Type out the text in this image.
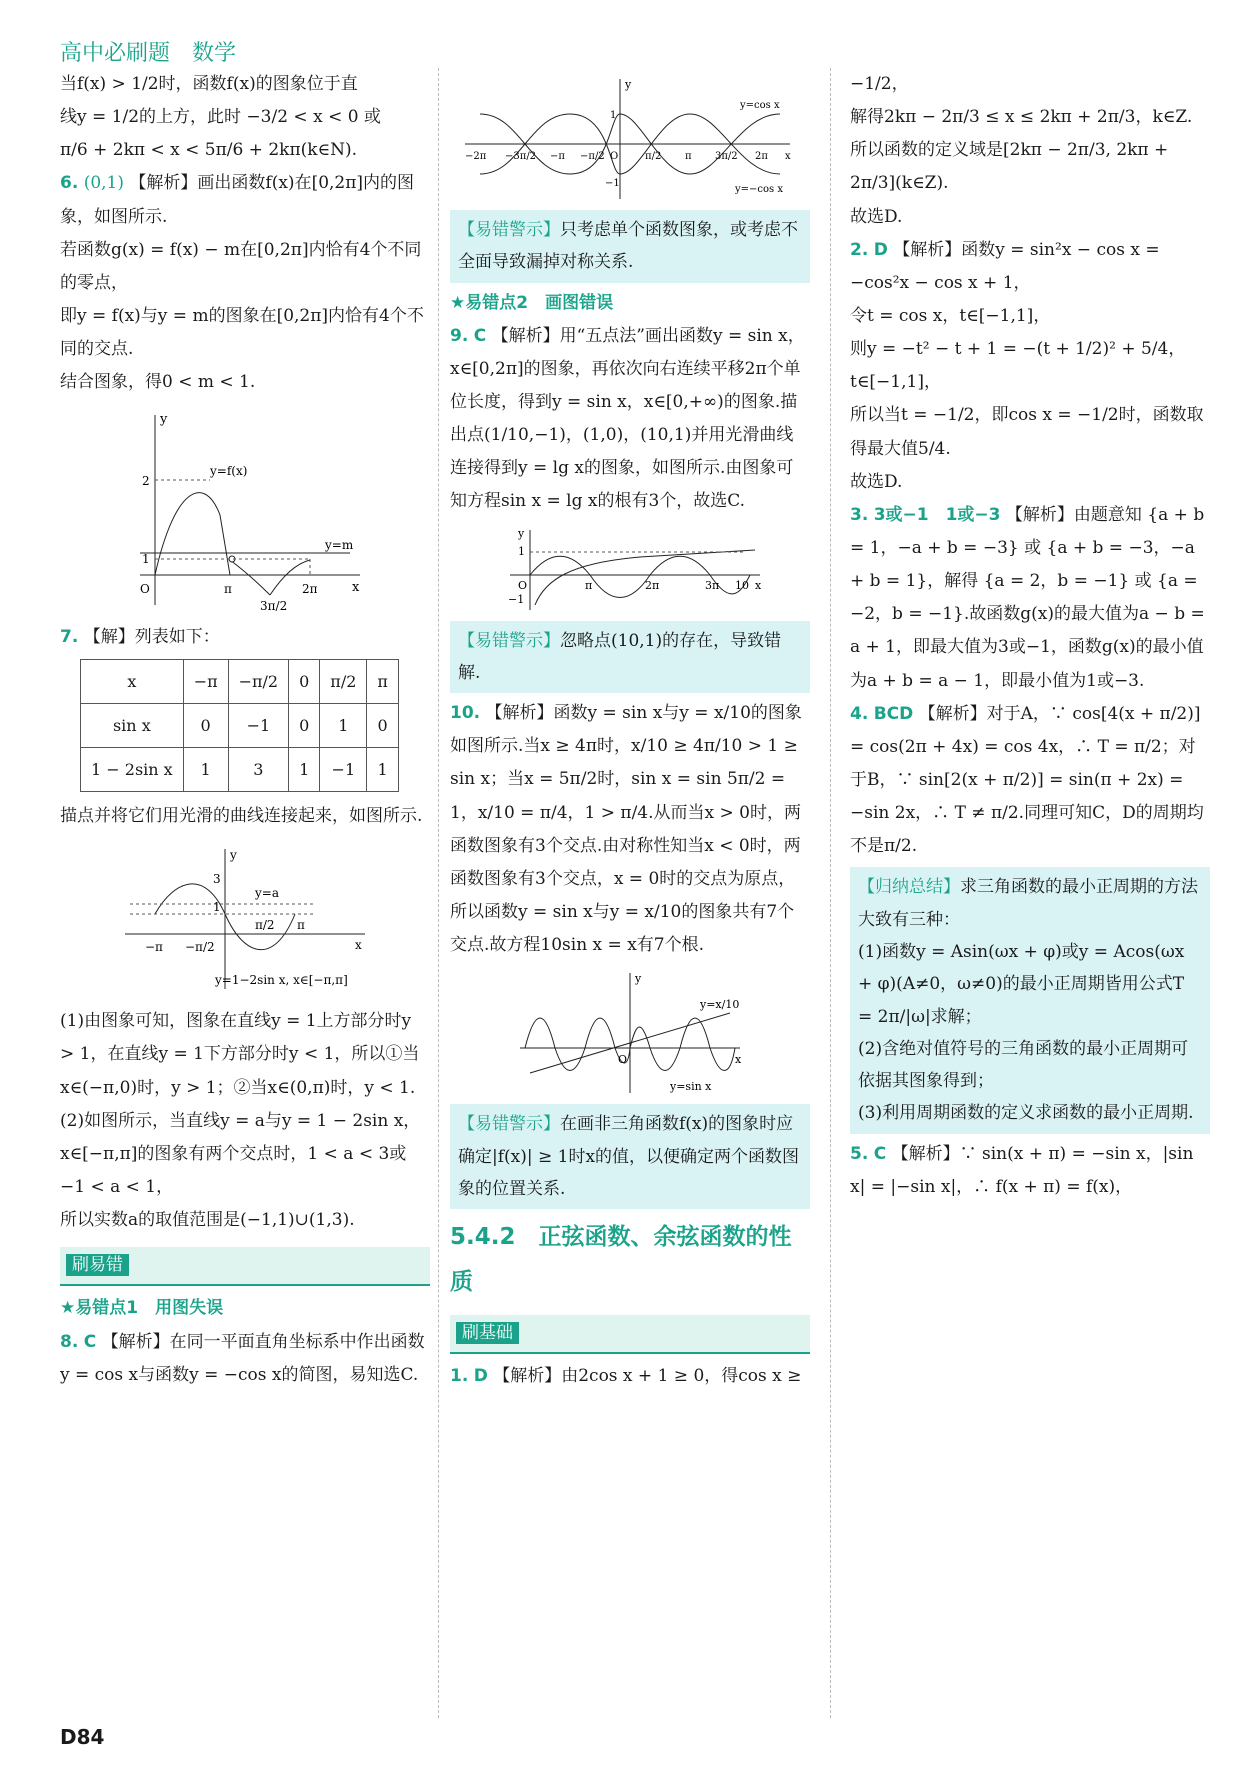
高中必刷题　数学

当f(x) > 1/2时，函数f(x)的图象位于直

线y = 1/2的上方，此时 −3/2 < x < 0 或

π/6 + 2kπ < x < 5π/6 + 2kπ(k∈N).

6. (0,1) 【解析】画出函数f(x)在[0,2π]内的图象，如图所示.

若函数g(x) = f(x) − m在[0,2π]内恰有4个不同的零点，

即y = f(x)与y = m的图象在[0,2π]内恰有4个不同的交点.

结合图象，得0 < m < 1.

y
y=f(x)
y=m
2
1
O	π
3π/2
2π	x

7. 【解】列表如下：

x	−π	−π/2	0	π/2	π
sin x	0	−1	0	1	0
1 − 2sin x	1	3	1	−1	1

描点并将它们用光滑的曲线连接起来，如图所示.

y
y=a
3
1
−π −π/2
π/2 π
x
y=1−2sin x, x∈[−π,π]

(1)由图象可知，图象在直线y = 1上方部分时y > 1，在直线y = 1下方部分时y < 1，所以①当x∈(−π,0)时，y > 1；②当x∈(0,π)时，y < 1.

(2)如图所示，当直线y = a与y = 1 − 2sin x，x∈[−π,π]的图象有两个交点时，1 < a < 3或−1 < a < 1，

所以实数a的取值范围是(−1,1)∪(1,3).

刷易错

★易错点1　用图失误

8. C 【解析】在同一平面直角坐标系中作出函数y = cos x与函数y = −cos x的简图，易知选C.

y
y=cos x
y=−cos x
−2π −3π/2 −π −π/2 O	π/2 π 3π/2 2π x
1
−1
【易错警示】只考虑单个函数图象，或考虑不全面导致漏掉对称关系.

★易错点2　画图错误

9. C 【解析】用“五点法”画出函数y = sin x，x∈[0,2π]的图象，再依次向右连续平移2π个单位长度，得到y = sin x，x∈[0,+∞)的图象.描出点(1/10,−1)，(1,0)，(10,1)并用光滑曲线连接得到y = lg x的图象，如图所示.由图象可知方程sin x = lg x的根有3个，故选C.

y
1
−1
O	π	2π	3π 10 x
【易错警示】忽略点(10,1)的存在，导致错解.

10. 【解析】函数y = sin x与y = x/10的图象如图所示.当x ≥ 4π时，x/10 ≥ 4π/10 > 1 ≥ sin x；当x = 5π/2时，sin x = sin 5π/2 = 1，x/10 = π/4，1 > π/4.从而当x > 0时，两函数图象有3个交点.由对称性知当x < 0时，两函数图象有3个交点，x = 0时的交点为原点，所以函数y = sin x与y = x/10的图象共有7个交点.故方程10sin x = x有7个根.

y
y=x/10
y=sin x
O	x
【易错警示】在画非三角函数f(x)的图象时应确定|f(x)| ≥ 1时x的值，以便确定两个函数图象的位置关系.

5.4.2　正弦函数、余弦函数的性质

刷基础

1. D 【解析】由2cos x + 1 ≥ 0，得cos x ≥

−1/2，

解得2kπ − 2π/3 ≤ x ≤ 2kπ + 2π/3，k∈Z.

所以函数的定义域是[2kπ − 2π/3, 2kπ + 2π/3](k∈Z).

故选D.

2. D 【解析】函数y = sin²x − cos x = −cos²x − cos x + 1，

令t = cos x，t∈[−1,1]，

则y = −t² − t + 1 = −(t + 1/2)² + 5/4，t∈[−1,1]，

所以当t = −1/2，即cos x = −1/2时，函数取得最大值5/4.

故选D.

3. 3或−1　1或−3 【解析】由题意知 {a + b = 1，−a + b = −3} 或 {a + b = −3，−a + b = 1}，解得 {a = 2，b = −1} 或 {a = −2，b = −1}.故函数g(x)的最大值为a − b = a + 1，即最大值为3或−1，函数g(x)的最小值为a + b = a − 1，即最小值为1或−3.

4. BCD 【解析】对于A，∵ cos[4(x + π/2)] = cos(2π + 4x) = cos 4x，∴ T = π/2；对于B，∵ sin[2(x + π/2)] = sin(π + 2x) = −sin 2x，∴ T ≠ π/2.同理可知C，D的周期均不是π/2.

【归纳总结】求三角函数的最小正周期的方法大致有三种：

(1)函数y = Asin(ωx + φ)或y = Acos(ωx + φ)(A≠0，ω≠0)的最小正周期皆用公式T = 2π/|ω|求解；

(2)含绝对值符号的三角函数的最小正周期可依据其图象得到；

(3)利用周期函数的定义求函数的最小正周期.

5. C 【解析】∵ sin(x + π) = −sin x，|sin x| = |−sin x|，∴ f(x + π) = f(x)，

D84
